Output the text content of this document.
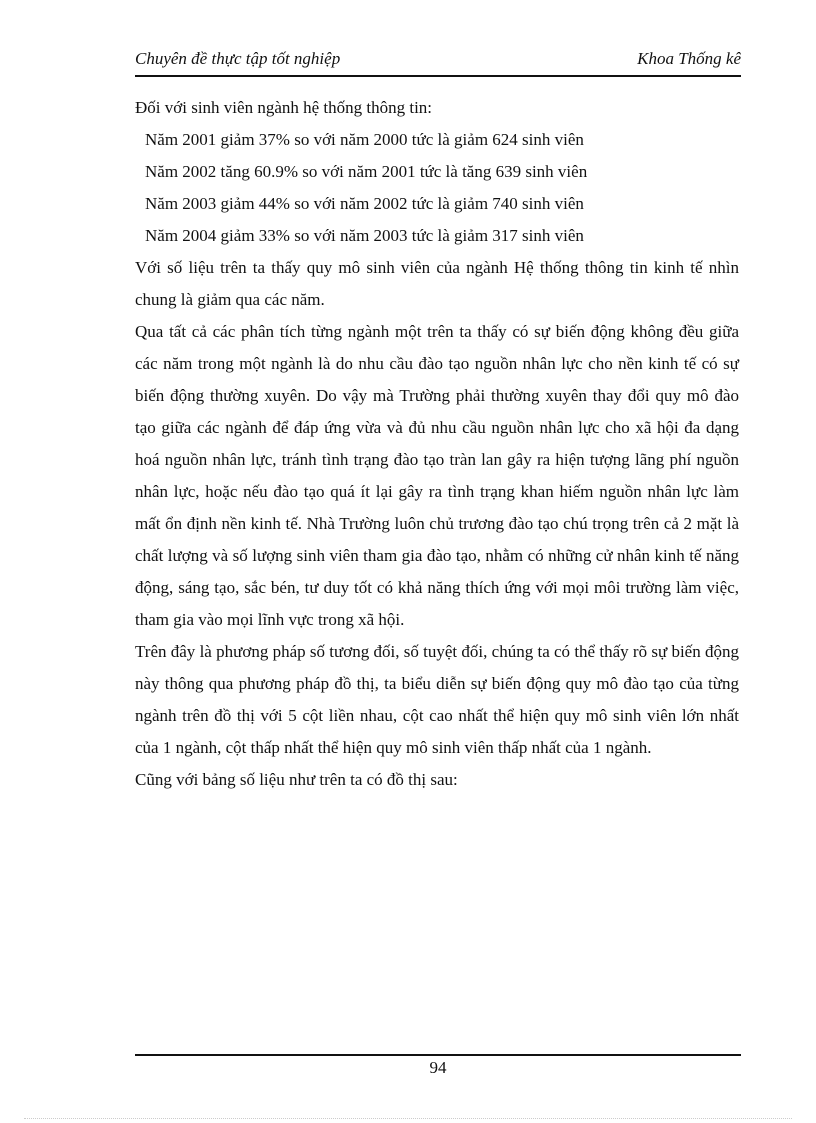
Chuyên đề thực tập tốt nghiệp	Khoa Thống kê

Đối với sinh viên ngành hệ thống thông tin:

Năm 2001 giảm 37% so với năm 2000 tức là giảm 624 sinh viên

Năm 2002 tăng 60.9% so với năm 2001 tức là tăng 639 sinh viên

Năm 2003 giảm 44% so với năm 2002 tức là giảm 740 sinh viên

Năm 2004 giảm 33% so với năm 2003 tức là giảm 317 sinh viên

Với số liệu trên ta thấy quy mô sinh viên của ngành Hệ thống thông tin kinh tế nhìn chung là giảm qua các năm.

Qua tất cả các phân tích từng ngành một trên ta thấy có sự biến động không đều giữa các năm trong một ngành là do nhu cầu đào tạo nguồn nhân lực cho nền kinh tế có sự biến động thường xuyên. Do vậy mà Trường phải thường xuyên thay đổi quy mô đào tạo giữa các ngành để đáp ứng vừa và đủ nhu cầu nguồn nhân lực cho xã hội đa dạng hoá nguồn nhân lực, tránh tình trạng đào tạo tràn lan gây ra hiện tượng lãng phí nguồn nhân lực, hoặc nếu đào tạo quá ít lại gây ra tình trạng khan hiếm nguồn nhân lực làm mất ổn định nền kinh tế. Nhà Trường luôn chủ trương đào tạo chú trọng trên cả 2 mặt là chất lượng và số lượng sinh viên tham gia đào tạo, nhằm có những cử nhân kinh tế năng động, sáng tạo, sắc bén, tư duy tốt có khả năng thích ứng với mọi môi trường làm việc, tham gia vào mọi lĩnh vực trong xã hội.

Trên đây là phương pháp số tương đối, số tuyệt đối, chúng ta có thể thấy rõ sự biến động này thông qua phương pháp đồ thị, ta biểu diễn sự biến động quy mô đào tạo của từng ngành trên đồ thị với 5 cột liền nhau, cột cao nhất thể hiện quy mô sinh viên lớn nhất của 1 ngành, cột thấp nhất thể hiện quy mô sinh viên thấp nhất của 1 ngành.

Cũng với bảng số liệu như trên ta có đồ thị sau:

94
